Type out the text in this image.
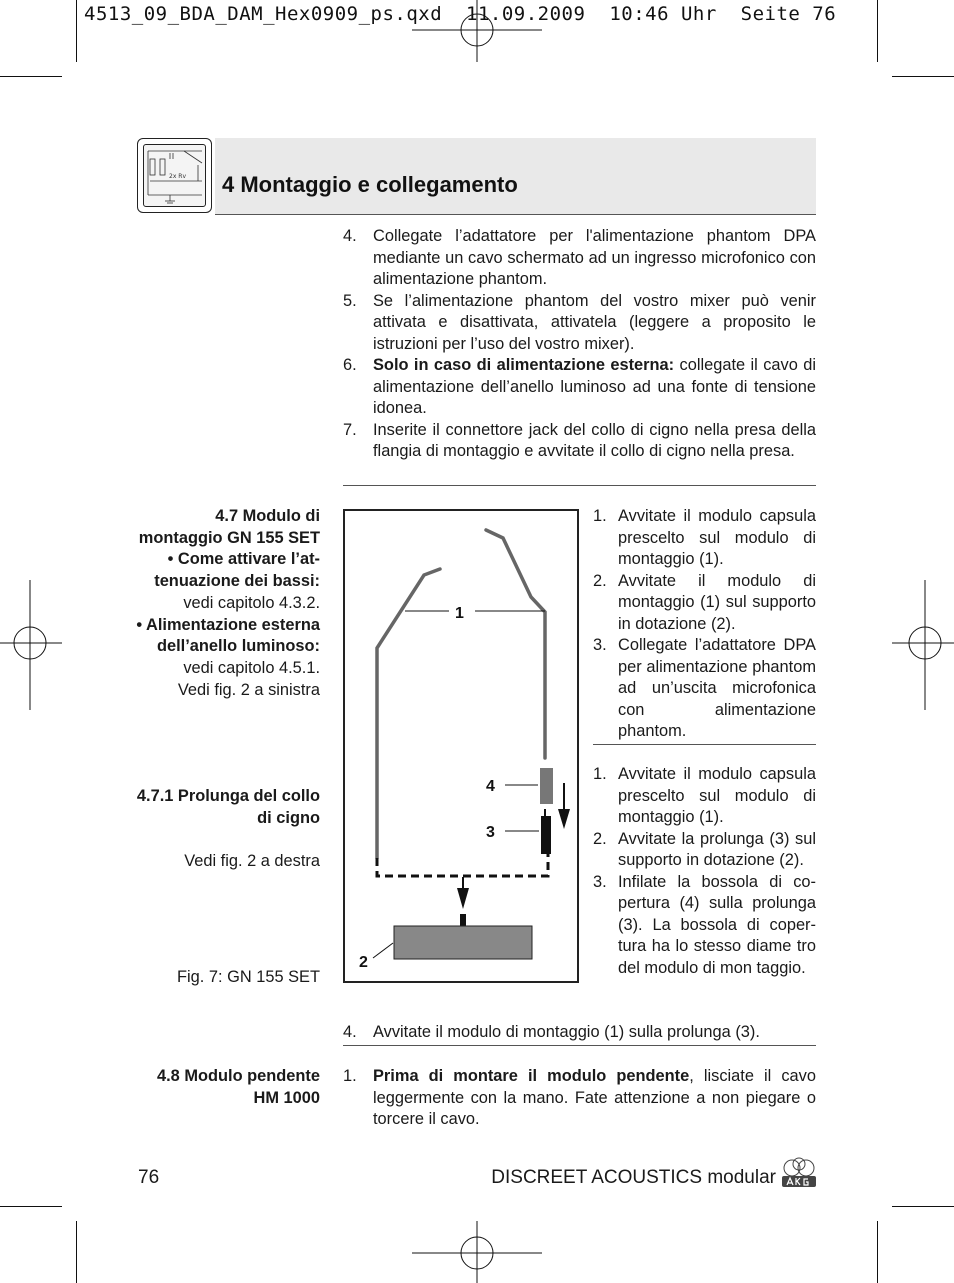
4513_09_BDA_DAM_Hex0909_ps.qxd  11.09.2009  10:46 Uhr  Seite 76
2x Rv 4 Montaggio e collegamento
4. Collegate l’adattatore per l'alimentazione phantom DPA mediante un cavo schermato ad un ingresso microfonico con alimentazione phantom.
5. Se l’alimentazione phantom del vostro mixer può venir attivata e disattivata, attivatela (leggere a proposito le istruzioni per l’uso del vostro mixer).
6. Solo in caso di alimentazione esterna: collegate il cavo di alimentazione dell’anello luminoso ad una fonte di tensione idonea.
7. Inserite il connettore jack del collo di cigno nella presa della flangia di montaggio e avvitate il collo di cigno nella presa.
4.7 Modulo di montaggio GN 155 SET
• Come attivare l’attenuazione dei bassi: vedi capitolo 4.3.2.
• Alimentazione esterna dell’anello luminoso: vedi capitolo 4.5.1.
Vedi fig. 2 a sinistra
4.7.1 Prolunga del collo di cigno
Vedi fig. 2 a destra
Fig. 7: GN 155 SET
1
4
3
2
1. Avvitate il modulo capsula prescelto sul modulo di montaggio (1).
2. Avvitate il modulo di montaggio (1) sul supporto in dotazione (2).
3. Collegate l’adattatore DPA per alimentazione phantom ad un’uscita microfonica con alimentazione phantom.
1. Avvitate il modulo capsula prescelto sul modulo di montaggio (1).
2. Avvitate la prolunga (3) sul supporto in dotazione (2).
3. Infilate la bossola di copertura (4) sulla prolunga (3). La bossola di copertura ha lo stesso diame tro del modulo di mon taggio.
4. Avvitate il modulo di montaggio (1) sulla prolunga (3).
4.8 Modulo pendente HM 1000
1. Prima di montare il modulo pendente, lisciate il cavo leggermente con la mano. Fate attenzione a non piegare o torcere il cavo.
76	DISCREET ACOUSTICS modular
